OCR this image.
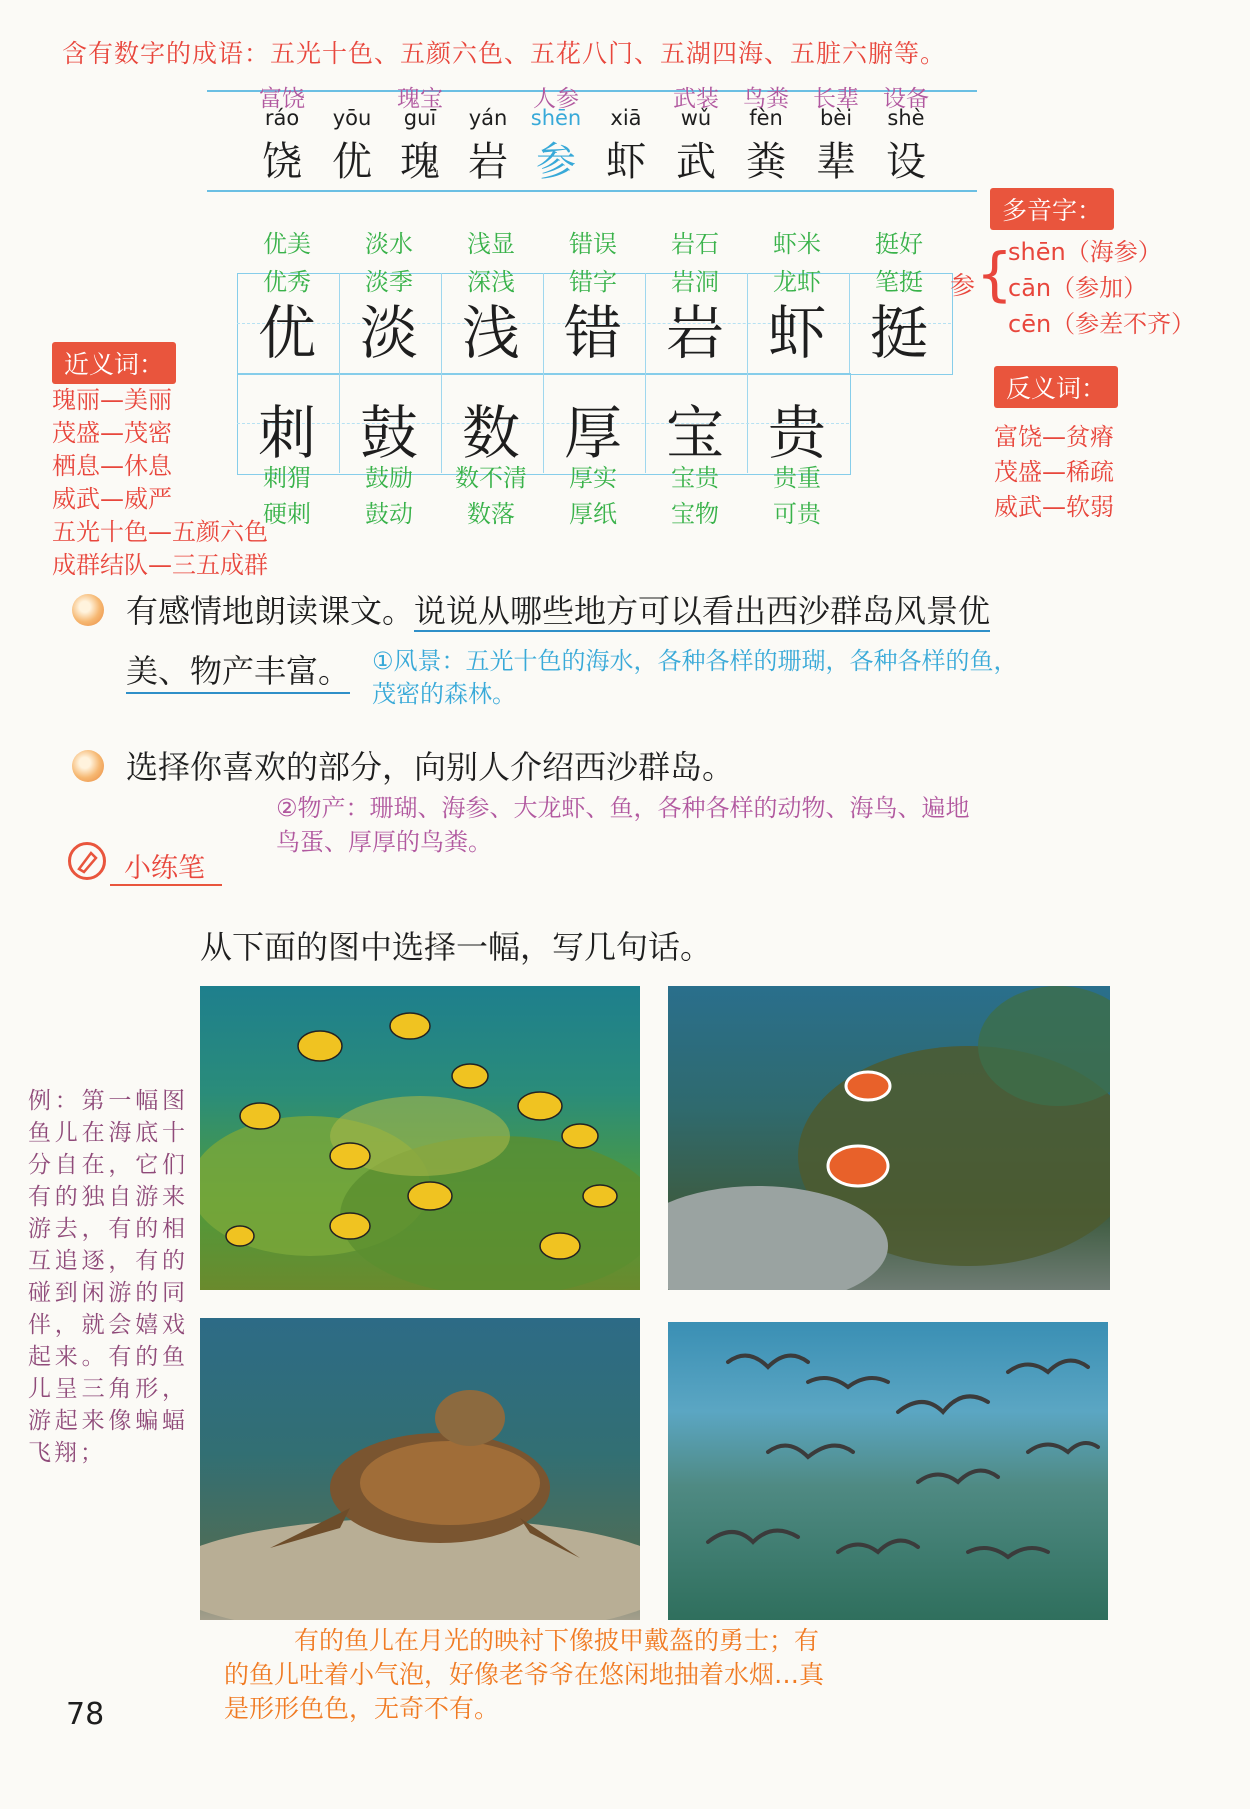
含有数字的成语：五光十色、五颜六色、五花八门、五湖四海、五脏六腑等。
富饶
ráo
饶
yōu
优
瑰宝
guī
瑰
yán
岩
人参
shēn
参
xiā
虾
武装
wǔ
武
鸟粪
fèn
粪
长辈
bèi
辈
设备
shè
设
优美
优秀
优
淡水
淡季
淡
浅显
深浅
浅
错误
错字
错
岩石
岩洞
岩
虾米
龙虾
虾
挺好
笔挺
挺
刺
刺猬
硬刺
鼓
鼓励
鼓动
数
数不清
数落
厚
厚实
厚纸
宝
宝贵
宝物
贵
贵重
可贵
近义词：
瑰丽—美丽
茂盛—茂密
栖息—休息
威武—威严
五光十色—五颜六色
成群结队—三五成群
多音字：
参 {
shēn（海参）
cān（参加）
cēn（参差不齐）
反义词：
富饶—贫瘠
茂盛—稀疏
威武—软弱
有感情地朗读课文。说说从哪些地方可以看出西沙群岛风景优
美、物产丰富。 ①风景：五光十色的海水，各种各样的珊瑚，各种各样的鱼，
茂密的森林。
选择你喜欢的部分，向别人介绍西沙群岛。
②物产：珊瑚、海参、大龙虾、鱼，各种各样的动物、海鸟、遍地
鸟蛋、厚厚的鸟粪。
小练笔
从下面的图中选择一幅，写几句话。
例：第一幅图鱼儿在海底十分自在，它们有的独自游来游去，有的相互追逐，有的碰到闲游的同伴，就会嬉戏起来。有的鱼儿呈三角形，游起来像蝙蝠飞翔；
有的鱼儿在月光的映衬下像披甲戴盔的勇士；有
的鱼儿吐着小气泡，好像老爷爷在悠闲地抽着水烟…真
是形形色色，无奇不有。
78
